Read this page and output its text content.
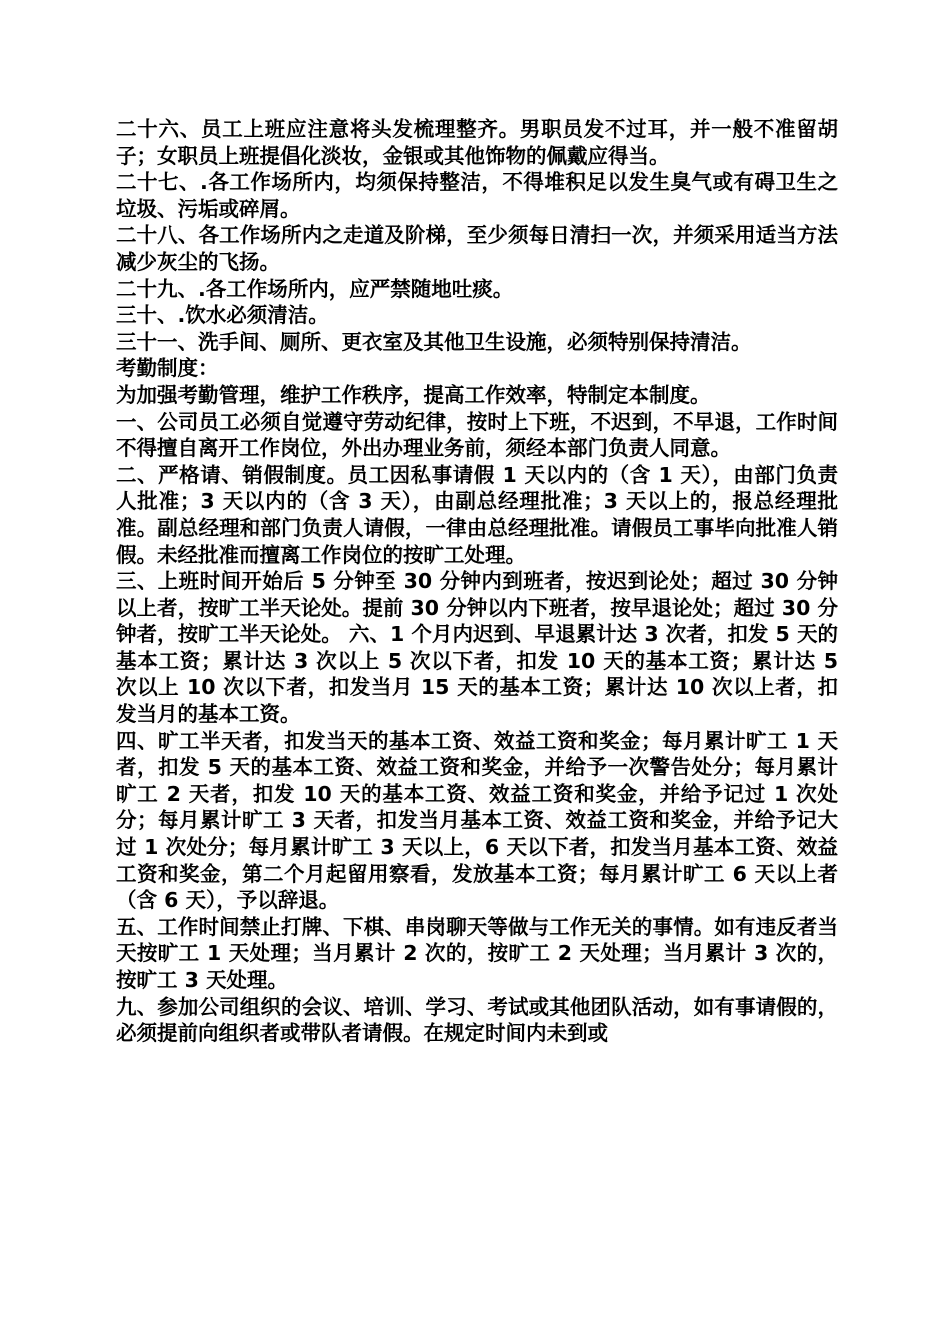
二十六、员工上班应注意将头发梳理整齐。男职员发不过耳，并一般不准留胡子；女职员上班提倡化淡妆，金银或其他饰物的佩戴应得当。

二十七、.各工作场所内，均须保持整洁，不得堆积足以发生臭气或有碍卫生之垃圾、污垢或碎屑。

二十八、各工作场所内之走道及阶梯，至少须每日清扫一次，并须采用适当方法减少灰尘的飞扬。

二十九、.各工作场所内，应严禁随地吐痰。

三十、.饮水必须清洁。

三十一、洗手间、厕所、更衣室及其他卫生设施，必须特别保持清洁。

考勤制度：

为加强考勤管理，维护工作秩序，提高工作效率，特制定本制度。

一、公司员工必须自觉遵守劳动纪律，按时上下班，不迟到，不早退，工作时间不得擅自离开工作岗位，外出办理业务前，须经本部门负责人同意。

二、严格请、销假制度。员工因私事请假 1 天以内的（含 1 天），由部门负责人批准；3 天以内的（含 3 天），由副总经理批准；3 天以上的，报总经理批准。副总经理和部门负责人请假，一律由总经理批准。请假员工事毕向批准人销假。未经批准而擅离工作岗位的按旷工处理。

三、上班时间开始后 5 分钟至 30 分钟内到班者，按迟到论处；超过 30 分钟以上者，按旷工半天论处。提前 30 分钟以内下班者，按早退论处；超过 30 分钟者，按旷工半天论处。 六、1 个月内迟到、早退累计达 3 次者，扣发 5 天的基本工资；累计达 3 次以上 5 次以下者，扣发 10 天的基本工资；累计达 5 次以上 10 次以下者，扣发当月 15 天的基本工资；累计达 10 次以上者，扣发当月的基本工资。

四、旷工半天者，扣发当天的基本工资、效益工资和奖金；每月累计旷工 1 天者，扣发 5 天的基本工资、效益工资和奖金，并给予一次警告处分；每月累计旷工 2 天者，扣发 10 天的基本工资、效益工资和奖金，并给予记过 1 次处分；每月累计旷工 3 天者，扣发当月基本工资、效益工资和奖金，并给予记大过 1 次处分；每月累计旷工 3 天以上，6 天以下者，扣发当月基本工资、效益工资和奖金，第二个月起留用察看，发放基本工资；每月累计旷工 6 天以上者（含 6 天），予以辞退。

五、工作时间禁止打牌、下棋、串岗聊天等做与工作无关的事情。如有违反者当天按旷工 1 天处理；当月累计 2 次的，按旷工 2 天处理；当月累计 3 次的，按旷工 3 天处理。

九、参加公司组织的会议、培训、学习、考试或其他团队活动，如有事请假的，必须提前向组织者或带队者请假。在规定时间内未到或
